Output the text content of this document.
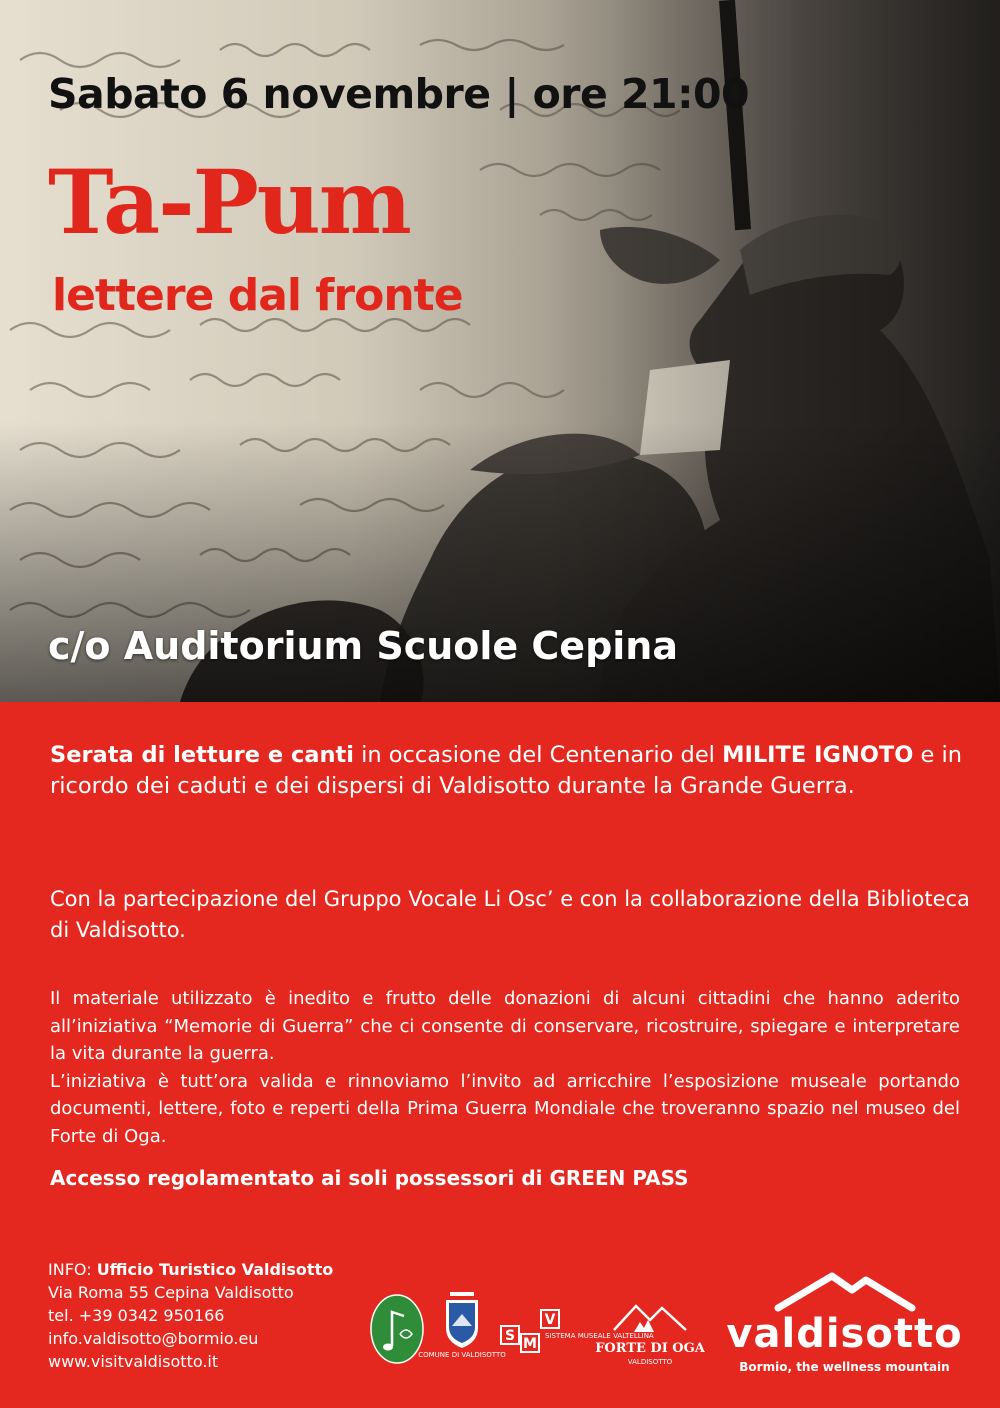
Sabato 6 novembre | ore 21:00
Ta-Pum
lettere dal fronte
c/o Auditorium Scuole Cepina
Serata di letture e canti in occasione del Centenario del MILITE IGNOTO e in ricordo dei caduti e dei dispersi di Valdisotto durante la Grande Guerra.
Con la partecipazione del Gruppo Vocale Li Osc’ e con la collaborazione della Biblioteca di Valdisotto.
Il materiale utilizzato è inedito e frutto delle donazioni di alcuni cittadini che hanno aderito all’iniziativa “Memorie di Guerra” che ci consente di conservare, ricostruire, spiegare e interpretare la vita durante la guerra.
L’iniziativa è tutt’ora valida e rinnoviamo l’invito ad arricchire l’esposizione museale portando documenti, lettere, foto e reperti della Prima Guerra Mondiale che troveranno spazio nel museo del Forte di Oga.
Accesso regolamentato ai soli possessori di GREEN PASS
INFO: Ufficio Turistico Valdisotto
Via Roma 55 Cepina Valdisotto
tel. +39 0342 950166
info.valdisotto@bormio.eu
www.visitvaldisotto.it	COMUNE DI VALDISOTTO
S M
V
SISTEMA MUSEALE VALTELLINA
FORTE DI OGA
VALDISOTTO
valdisotto
Bormio, the wellness mountain
